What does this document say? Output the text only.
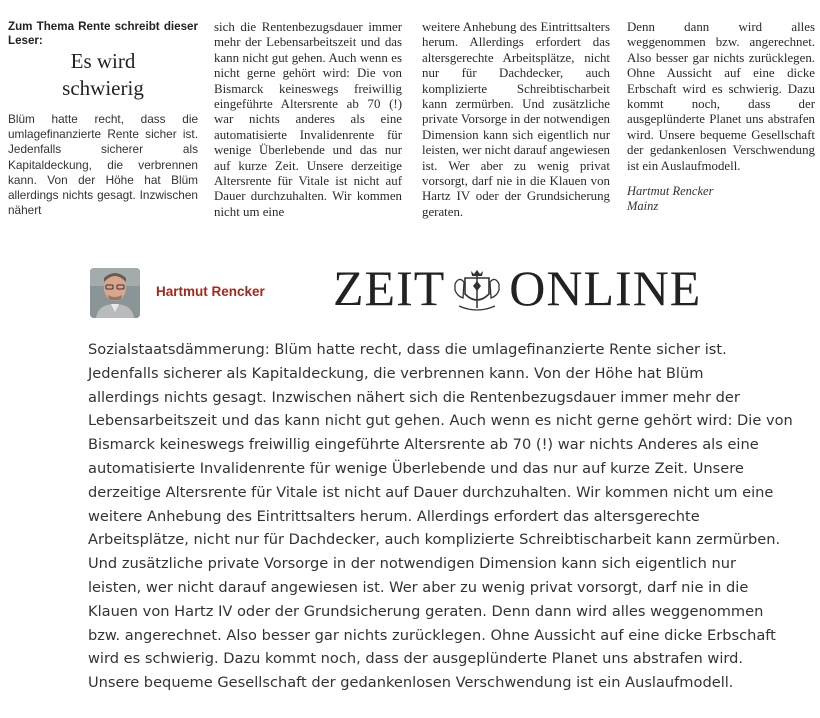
Zum Thema Rente schreibt dieser Leser:

Es wird
schwierig

Blüm hatte recht, dass die umlagefinanzierte Rente sicher ist. Jedenfalls sicherer als Kapitaldeckung, die verbrennen kann. Von der Höhe hat Blüm allerdings nichts gesagt. Inzwischen nähert

sich die Rentenbezugsdauer immer mehr der Lebensarbeitszeit und das kann nicht gut gehen. Auch wenn es nicht gerne gehört wird: Die von Bismarck keineswegs freiwillig eingeführte Altersrente ab 70 (!) war nichts anderes als eine automatisierte Invalidenrente für wenige Überlebende und das nur auf kurze Zeit. Unsere derzeitige Altersrente für Vitale ist nicht auf Dauer durchzuhalten. Wir kommen nicht um eine

weitere Anhebung des Eintrittsalters herum. Allerdings erfordert das altersgerechte Arbeitsplätze, nicht nur für Dachdecker, auch komplizierte Schreibtischarbeit kann zermürben. Und zusätzliche private Vorsorge in der notwendigen Dimension kann sich eigentlich nur leisten, wer nicht darauf angewiesen ist. Wer aber zu wenig privat vorsorgt, darf nie in die Klauen von Hartz IV oder der Grundsicherung geraten.

Denn dann wird alles weggenommen bzw. angerechnet. Also besser gar nichts zurücklegen. Ohne Aussicht auf eine dicke Erbschaft wird es schwierig. Dazu kommt noch, dass der ausgeplünderte Planet uns abstrafen wird. Unsere bequeme Gesellschaft der gedankenlosen Verschwendung ist ein Auslaufmodell.

Hartmut Rencker
Mainz

Hartmut Rencker ZEIT ONLINE

Sozialstaatsdämmerung: Blüm hatte recht, dass die umlagefinanzierte Rente sicher ist.
Jedenfalls sicherer als Kapitaldeckung, die verbrennen kann. Von der Höhe hat Blüm
allerdings nichts gesagt. Inzwischen nähert sich die Rentenbezugsdauer immer mehr der
Lebensarbeitszeit und das kann nicht gut gehen. Auch wenn es nicht gerne gehört wird: Die von
Bismarck keineswegs freiwillig eingeführte Altersrente ab 70 (!) war nichts Anderes als eine
automatisierte Invalidenrente für wenige Überlebende und das nur auf kurze Zeit. Unsere
derzeitige Altersrente für Vitale ist nicht auf Dauer durchzuhalten. Wir kommen nicht um eine
weitere Anhebung des Eintrittsalters herum. Allerdings erfordert das altersgerechte
Arbeitsplätze, nicht nur für Dachdecker, auch komplizierte Schreibtischarbeit kann zermürben.
Und zusätzliche private Vorsorge in der notwendigen Dimension kann sich eigentlich nur
leisten, wer nicht darauf angewiesen ist. Wer aber zu wenig privat vorsorgt, darf nie in die
Klauen von Hartz IV oder der Grundsicherung geraten. Denn dann wird alles weggenommen
bzw. angerechnet. Also besser gar nichts zurücklegen. Ohne Aussicht auf eine dicke Erbschaft
wird es schwierig. Dazu kommt noch, dass der ausgeplünderte Planet uns abstrafen wird.
Unsere bequeme Gesellschaft der gedankenlosen Verschwendung ist ein Auslaufmodell.
